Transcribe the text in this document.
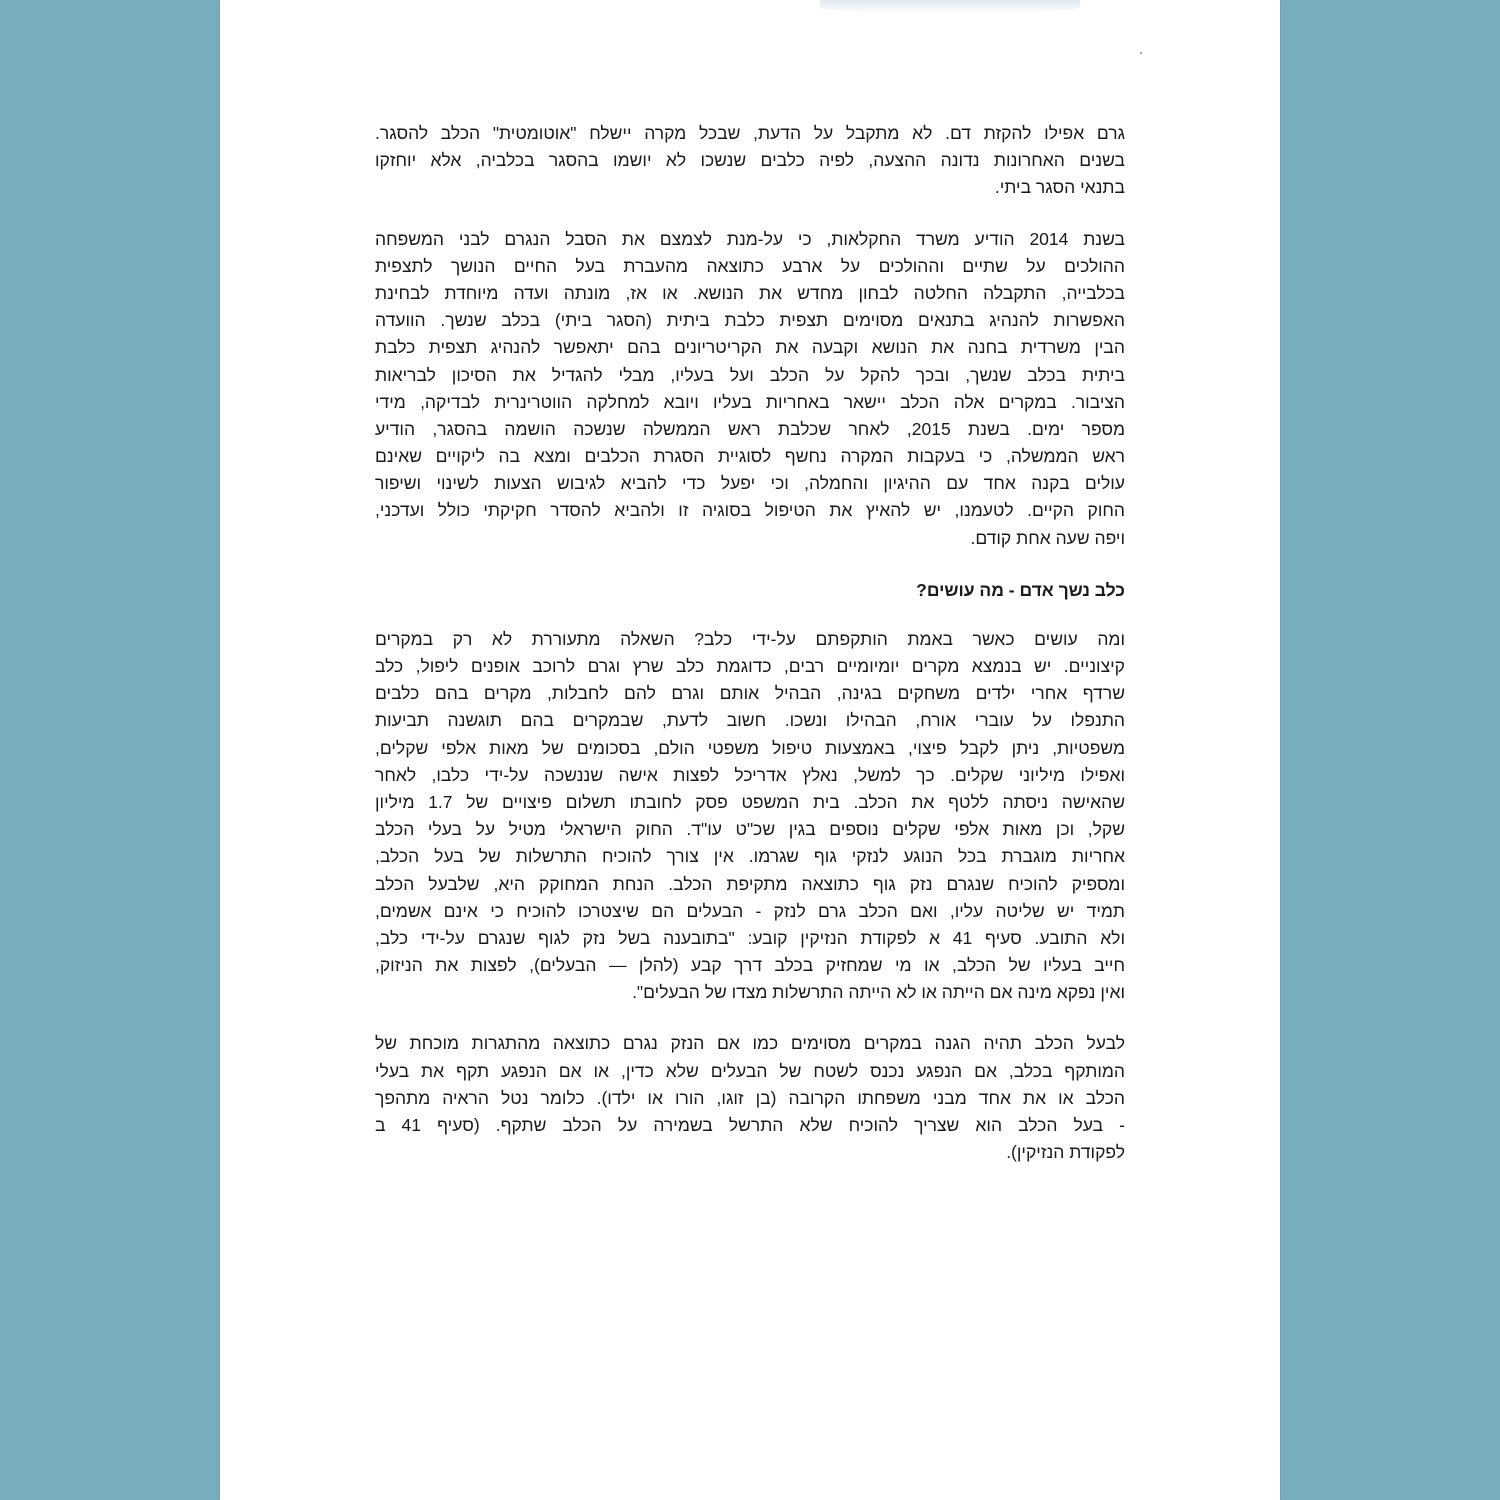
גרם אפילו להקזת דם. לא מתקבל על הדעת, שבכל מקרה יישלח "אוטומטית" הכלב להסגר.
בשנים האחרונות נדונה ההצעה, לפיה כלבים שנשכו לא יושמו בהסגר בכלביה, אלא יוחזקו
בתנאי הסגר ביתי.
בשנת 2014 הודיע משרד החקלאות, כי על-מנת לצמצם את הסבל הנגרם לבני המשפחה
ההולכים על שתיים וההולכים על ארבע כתוצאה מהעברת בעל החיים הנושך לתצפית
בכלבייה, התקבלה החלטה לבחון מחדש את הנושא. או אז, מונתה ועדה מיוחדת לבחינת
האפשרות להנהיג בתנאים מסוימים תצפית כלבת ביתית (הסגר ביתי) בכלב שנשך. הוועדה
הבין משרדית בחנה את הנושא וקבעה את הקריטריונים בהם יתאפשר להנהיג תצפית כלבת
ביתית בכלב שנשך, ובכך להקל על הכלב ועל בעליו, מבלי להגדיל את הסיכון לבריאות
הציבור. במקרים אלה הכלב יישאר באחריות בעליו ויובא למחלקה הווטרינרית לבדיקה, מידי
מספר ימים. בשנת 2015, לאחר שכלבת ראש הממשלה שנשכה הושמה בהסגר, הודיע
ראש הממשלה, כי בעקבות המקרה נחשף לסוגיית הסגרת הכלבים ומצא בה ליקויים שאינם
עולים בקנה אחד עם ההיגיון והחמלה, וכי יפעל כדי להביא לגיבוש הצעות לשינוי ושיפור
החוק הקיים. לטעמנו, יש להאיץ את הטיפול בסוגיה זו ולהביא להסדר חקיקתי כולל ועדכני,
ויפה שעה אחת קודם.
כלב נשך אדם - מה עושים?
ומה עושים כאשר באמת הותקפתם על-ידי כלב? השאלה מתעוררת לא רק במקרים
קיצוניים. יש בנמצא מקרים יומיומיים רבים, כדוגמת כלב שרץ וגרם לרוכב אופנים ליפול, כלב
שרדף אחרי ילדים משחקים בגינה, הבהיל אותם וגרם להם לחבלות, מקרים בהם כלבים
התנפלו על עוברי אורח, הבהילו ונשכו. חשוב לדעת, שבמקרים בהם תוגשנה תביעות
משפטיות, ניתן לקבל פיצוי, באמצעות טיפול משפטי הולם, בסכומים של מאות אלפי שקלים,
ואפילו מיליוני שקלים. כך למשל, נאלץ אדריכל לפצות אישה שננשכה על-ידי כלבו, לאחר
שהאישה ניסתה ללטף את הכלב. בית המשפט פסק לחובתו תשלום פיצויים של 1.7 מיליון
שקל, וכן מאות אלפי שקלים נוספים בגין שכ"ט עו"ד. החוק הישראלי מטיל על בעלי הכלב
אחריות מוגברת בכל הנוגע לנזקי גוף שגרמו. אין צורך להוכיח התרשלות של בעל הכלב,
ומספיק להוכיח שנגרם נזק גוף כתוצאה מתקיפת הכלב. הנחת המחוקק היא, שלבעל הכלב
תמיד יש שליטה עליו, ואם הכלב גרם לנזק - הבעלים הם שיצטרכו להוכיח כי אינם אשמים,
ולא התובע. סעיף 41 א לפקודת הנזיקין קובע: "בתובענה בשל נזק לגוף שנגרם על-ידי כלב,
חייב בעליו של הכלב, או מי שמחזיק בכלב דרך קבע (להלן — הבעלים), לפצות את הניזוק,
ואין נפקא מינה אם הייתה או לא הייתה התרשלות מצדו של הבעלים".
לבעל הכלב תהיה הגנה במקרים מסוימים כמו אם הנזק נגרם כתוצאה מהתגרות מוכחת של
המותקף בכלב, אם הנפגע נכנס לשטח של הבעלים שלא כדין, או אם הנפגע תקף את בעלי
הכלב או את אחד מבני משפחתו הקרובה (בן זוגו, הורו או ילדו). כלומר נטל הראיה מתהפך
- בעל הכלב הוא שצריך להוכיח שלא התרשל בשמירה על הכלב שתקף. (סעיף 41 ב
לפקודת הנזיקין).
